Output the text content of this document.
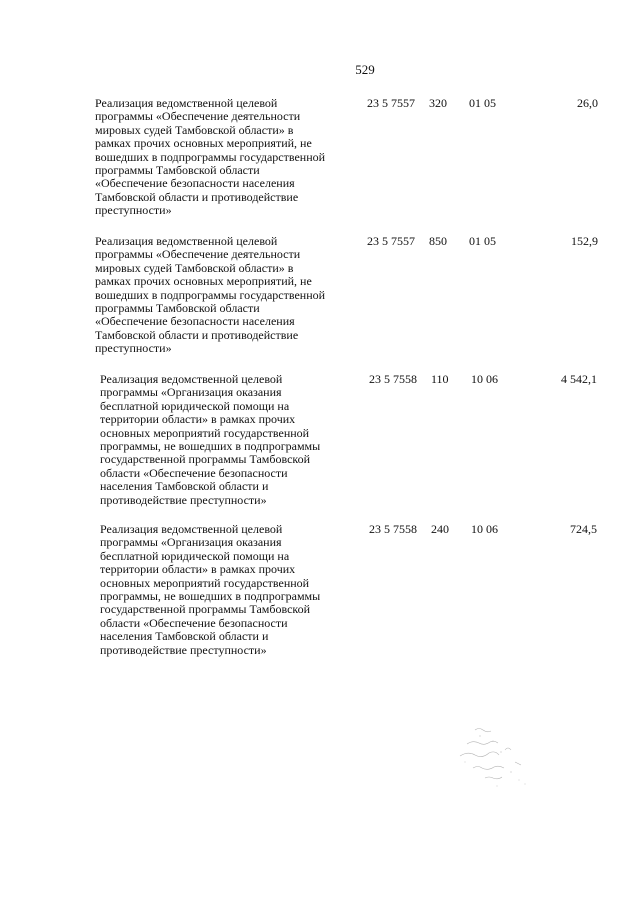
529
Реализация ведомственной целевой
программы «Обеспечение деятельности
мировых судей Тамбовской области» в
рамках прочих основных мероприятий, не
вошедших в подпрограммы государственной
программы Тамбовской области
«Обеспечение безопасности населения
Тамбовской области и противодействие
преступности»
23 5 7557 320 01 05	26,0
Реализация ведомственной целевой
программы «Обеспечение деятельности
мировых судей Тамбовской области» в
рамках прочих основных мероприятий, не
вошедших в подпрограммы государственной
программы Тамбовской области
«Обеспечение безопасности населения
Тамбовской области и противодействие
преступности»
23 5 7557 850 01 05	152,9
Реализация ведомственной целевой
программы «Организация оказания
бесплатной юридической помощи на
территории области» в рамках прочих
основных мероприятий государственной
программы, не вошедших в подпрограммы
государственной программы Тамбовской
области «Обеспечение безопасности
населения Тамбовской области и
противодействие преступности»
23 5 7558 110 10 06	4 542,1
Реализация ведомственной целевой
программы «Организация оказания
бесплатной юридической помощи на
территории области» в рамках прочих
основных мероприятий государственной
программы, не вошедших в подпрограммы
государственной программы Тамбовской
области «Обеспечение безопасности
населения Тамбовской области и
противодействие преступности»
23 5 7558 240 10 06	724,5
